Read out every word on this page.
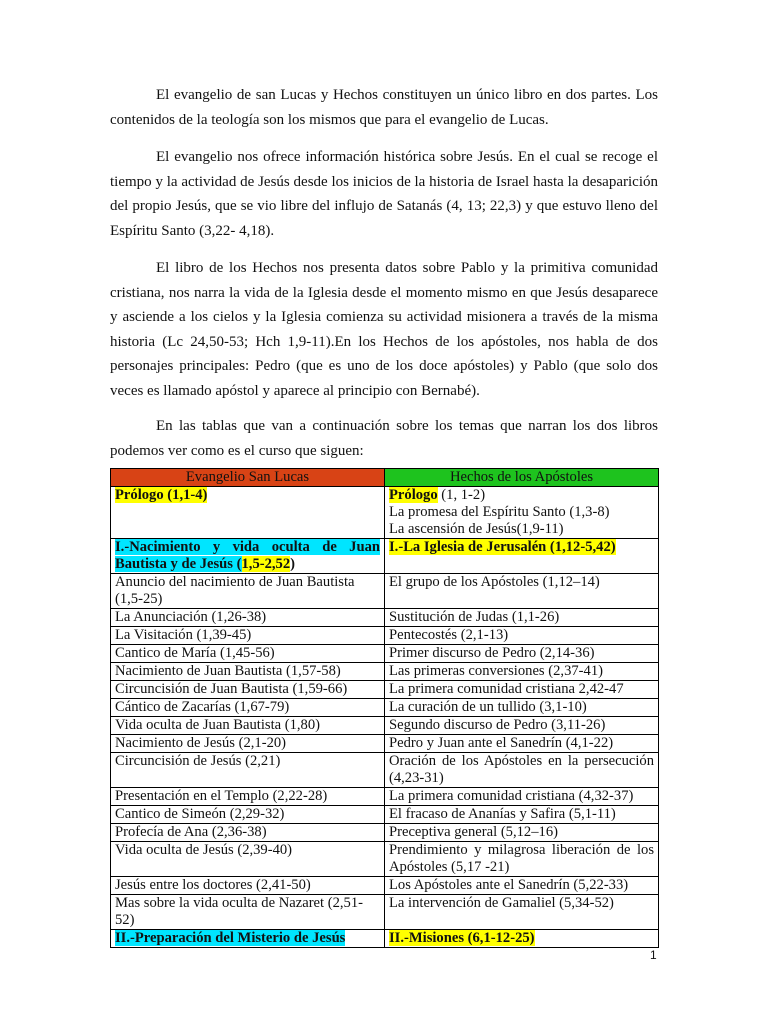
El evangelio de san Lucas y Hechos constituyen un único libro en dos partes. Los contenidos de la teología son los mismos que para el evangelio de Lucas.

El evangelio nos ofrece información histórica sobre Jesús. En el cual se recoge el tiempo y la actividad de Jesús desde los inicios de la historia de Israel hasta la desaparición del propio Jesús, que se vio libre del influjo de Satanás (4, 13; 22,3) y que estuvo lleno del Espíritu Santo (3,22- 4,18).

El libro de los Hechos nos presenta datos sobre Pablo y la primitiva comunidad cristiana, nos narra la vida de la Iglesia desde el momento mismo en que Jesús desaparece y asciende a los cielos y la Iglesia comienza su actividad misionera a través de la misma historia (Lc 24,50-53; Hch 1,9-11).En los Hechos de los apóstoles, nos habla de dos personajes principales: Pedro (que es uno de los doce apóstoles) y Pablo (que solo dos veces es llamado apóstol y aparece al principio con Bernabé).

En las tablas que van a continuación sobre los temas que narran los dos libros podemos ver como es el curso que siguen:

Evangelio San Lucas	Hechos de los Apóstoles
Prólogo (1,1-4)	Prólogo (1, 1-2)
La promesa del Espíritu Santo (1,3-8)
La ascensión de Jesús(1,9-11)

I.-Nacimiento y vida oculta de Juan Bautista y de Jesús (1,5-2,52)	I.-La Iglesia de Jerusalén (1,12-5,42)
Anuncio del nacimiento de Juan Bautista (1,5-25)	El grupo de los Apóstoles (1,12–14)
La Anunciación (1,26-38)	Sustitución de Judas (1,1-26)
La Visitación (1,39-45)	Pentecostés (2,1-13)
Cantico de María (1,45-56)	Primer discurso de Pedro (2,14-36)
Nacimiento de Juan Bautista (1,57-58)	Las primeras conversiones (2,37-41)
Circuncisión de Juan Bautista (1,59-66)	La primera comunidad cristiana 2,42-47
Cántico de Zacarías (1,67-79)	La curación de un tullido (3,1-10)
Vida oculta de Juan Bautista (1,80)	Segundo discurso de Pedro (3,11-26)
Nacimiento de Jesús (2,1-20)	Pedro y Juan ante el Sanedrín (4,1-22)
Circuncisión de Jesús (2,21)	Oración de los Apóstoles en la persecución (4,23-31)
Presentación en el Templo (2,22-28)	La primera comunidad cristiana (4,32-37)
Cantico de Simeón (2,29-32)	El fracaso de Ananías y Safira (5,1-11)
Profecía de Ana (2,36-38)	Preceptiva general (5,12–16)
Vida oculta de Jesús (2,39-40)	Prendimiento y milagrosa liberación de los Apóstoles (5,17 -21)
Jesús entre los doctores (2,41-50)	Los Apóstoles ante el Sanedrín (5,22-33)
Mas sobre la vida oculta de Nazaret (2,51-52)	La intervención de Gamaliel (5,34-52)
II.-Preparación del Misterio de Jesús	II.-Misiones (6,1-12-25)
1
